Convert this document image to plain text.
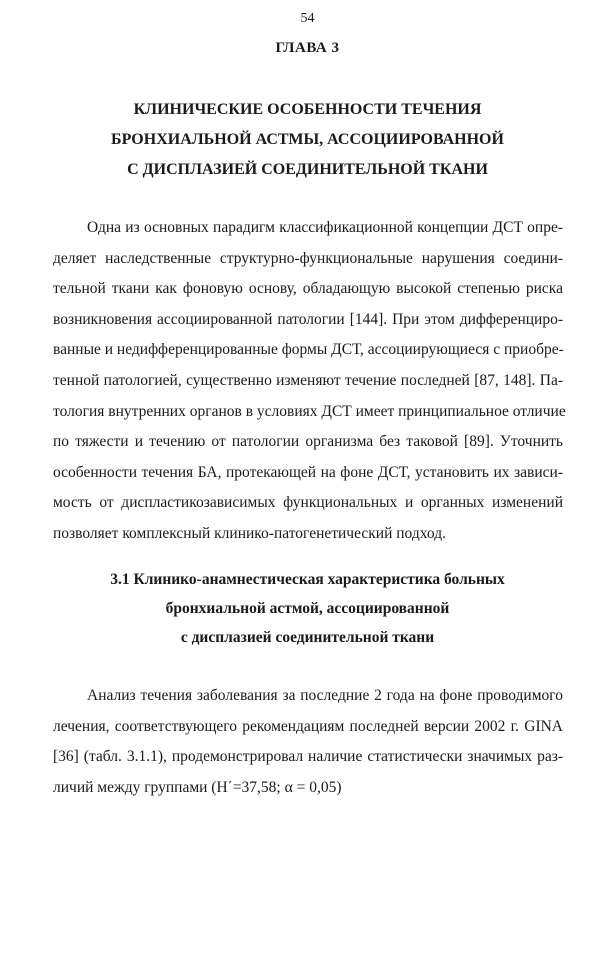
54
ГЛАВА 3
КЛИНИЧЕСКИЕ ОСОБЕННОСТИ ТЕЧЕНИЯ
БРОНХИАЛЬНОЙ АСТМЫ, АССОЦИИРОВАННОЙ
С ДИСПЛАЗИЕЙ СОЕДИНИТЕЛЬНОЙ ТКАНИ
Одна из основных парадигм классификационной концепции ДСТ опре-
деляет наследственные структурно-функциональные нарушения соедини-
тельной ткани как фоновую основу, обладающую высокой степенью риска
возникновения ассоциированной патологии [144]. При этом дифференциро-
ванные и недифференцированные формы ДСТ, ассоциирующиеся с приобре-
тенной патологией, существенно изменяют течение последней [87, 148]. Па-
тология внутренних органов в условиях ДСТ имеет принципиальное отличие
по тяжести и течению от патологии организма без таковой [89]. Уточнить
особенности течения БА, протекающей на фоне ДСТ, установить их зависи-
мость от диспластикозависимых функциональных и органных изменений
позволяет комплексный клинико-патогенетический подход.
3.1 Клинико-анамнестическая характеристика больных
бронхиальной астмой, ассоциированной
с дисплазией соединительной ткани
Анализ течения заболевания за последние 2 года на фоне проводимого
лечения, соответствующего рекомендациям последней версии 2002 г. GINA
[36] (табл. 3.1.1), продемонстрировал наличие статистически значимых раз-
личий между группами (H΄=37,58; α = 0,05)
